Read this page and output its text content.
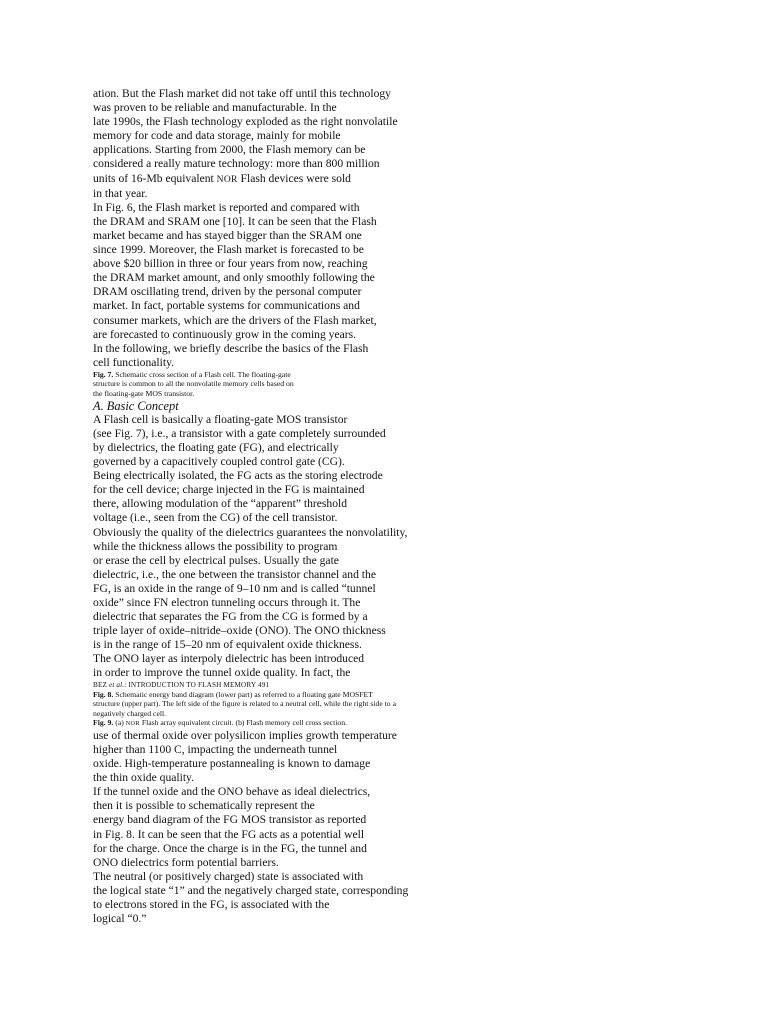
ation. But the Flash market did not take off until this technology
was proven to be reliable and manufacturable. In the
late 1990s, the Flash technology exploded as the right nonvolatile
memory for code and data storage, mainly for mobile
applications. Starting from 2000, the Flash memory can be
considered a really mature technology: more than 800 million
units of 16-Mb equivalent NOR Flash devices were sold
in that year.
In Fig. 6, the Flash market is reported and compared with
the DRAM and SRAM one [10]. It can be seen that the Flash
market became and has stayed bigger than the SRAM one
since 1999. Moreover, the Flash market is forecasted to be
above $20 billion in three or four years from now, reaching
the DRAM market amount, and only smoothly following the
DRAM oscillating trend, driven by the personal computer
market. In fact, portable systems for communications and
consumer markets, which are the drivers of the Flash market,
are forecasted to continuously grow in the coming years.
In the following, we briefly describe the basics of the Flash
cell functionality.
Fig. 7. Schematic cross section of a Flash cell. The floating-gate
structure is common to all the nonvolatile memory cells based on
the floating-gate MOS transistor.
A. Basic Concept
A Flash cell is basically a floating-gate MOS transistor
(see Fig. 7), i.e., a transistor with a gate completely surrounded
by dielectrics, the floating gate (FG), and electrically
governed by a capacitively coupled control gate (CG).
Being electrically isolated, the FG acts as the storing electrode
for the cell device; charge injected in the FG is maintained
there, allowing modulation of the “apparent” threshold
voltage (i.e., seen from the CG) of the cell transistor.
Obviously the quality of the dielectrics guarantees the nonvolatility,
while the thickness allows the possibility to program
or erase the cell by electrical pulses. Usually the gate
dielectric, i.e., the one between the transistor channel and the
FG, is an oxide in the range of 9‒10 nm and is called “tunnel
oxide” since FN electron tunneling occurs through it. The
dielectric that separates the FG from the CG is formed by a
triple layer of oxide‒nitride‒oxide (ONO). The ONO thickness
is in the range of 15‒20 nm of equivalent oxide thickness.
The ONO layer as interpoly dielectric has been introduced
in order to improve the tunnel oxide quality. In fact, the
BEZ et al.: INTRODUCTION TO FLASH MEMORY 491
Fig. 8. Schematic energy band diagram (lower part) as referred to a floating gate MOSFET
structure (upper part). The left side of the figure is related to a neutral cell, while the right side to a
negatively charged cell.
Fig. 9. (a) NOR Flash array equivalent circuit. (b) Flash memory cell cross section.
use of thermal oxide over polysilicon implies growth temperature
higher than 1100 C, impacting the underneath tunnel
oxide. High-temperature postannealing is known to damage
the thin oxide quality.
If the tunnel oxide and the ONO behave as ideal dielectrics,
then it is possible to schematically represent the
energy band diagram of the FG MOS transistor as reported
in Fig. 8. It can be seen that the FG acts as a potential well
for the charge. Once the charge is in the FG, the tunnel and
ONO dielectrics form potential barriers.
The neutral (or positively charged) state is associated with
the logical state “1” and the negatively charged state, corresponding
to electrons stored in the FG, is associated with the
logical “0.”
